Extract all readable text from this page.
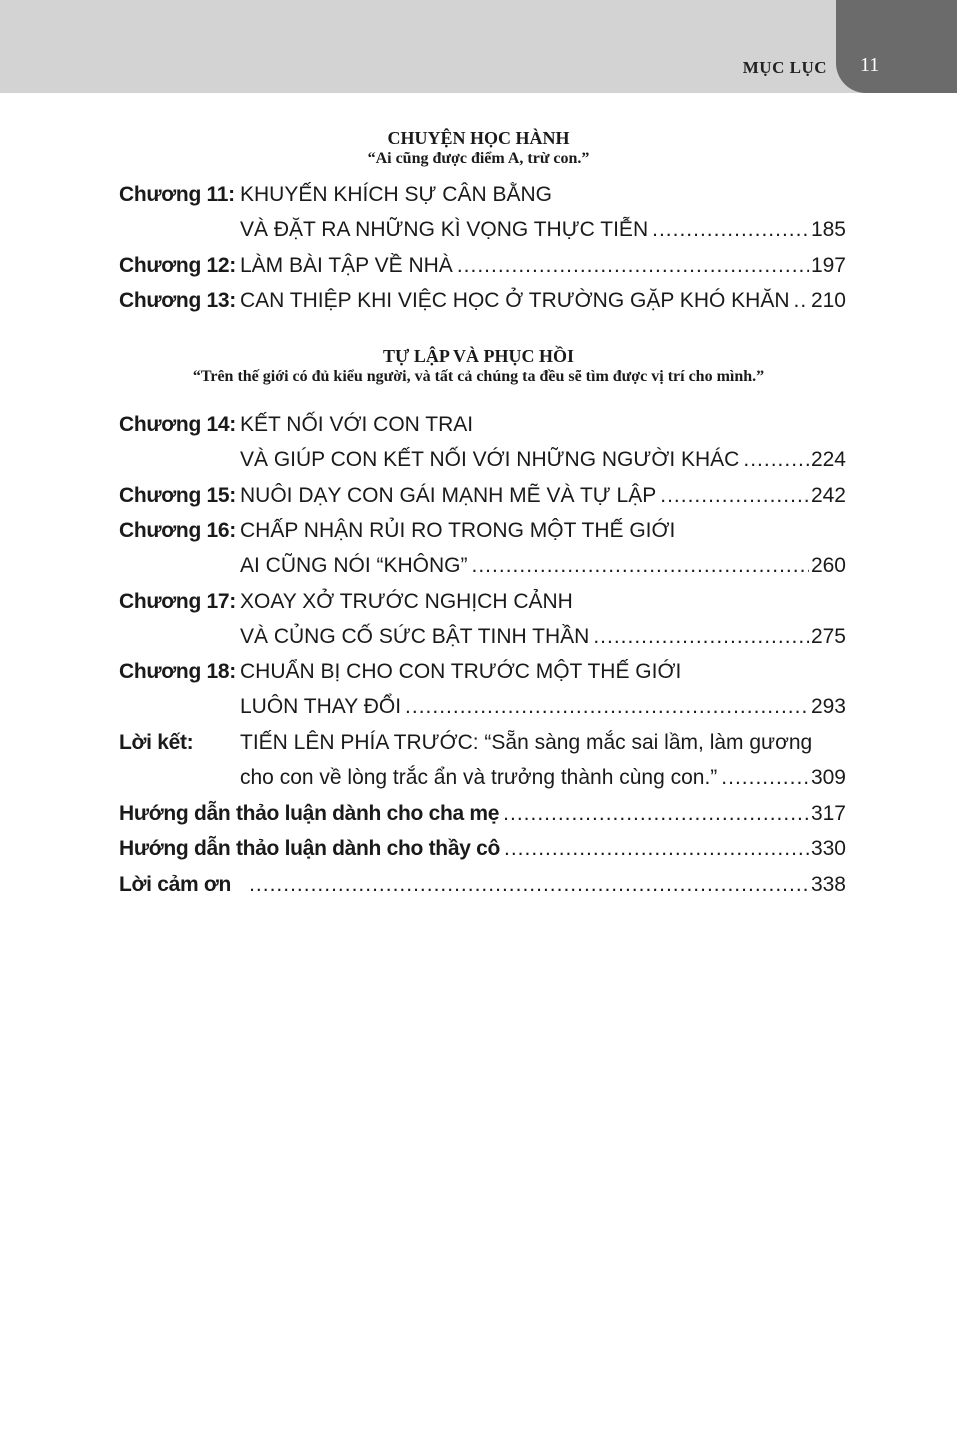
MỤC LỤC 11
CHUYỆN HỌC HÀNH
“Ai cũng được điểm A, trừ con.”
Chương 11: KHUYẾN KHÍCH SỰ CÂN BẰNG
VÀ ĐẶT RA NHỮNG KÌ VỌNG THỰC TIỄN .....	185
Chương 12: LÀM BÀI TẬP VỀ NHÀ .....	197
Chương 13: CAN THIỆP KHI VIỆC HỌC Ở TRƯỜNG GẶP KHÓ KHĂN ..... 210
TỰ LẬP VÀ PHỤC HỒI
“Trên thế giới có đủ kiểu người, và tất cả chúng ta đều sẽ tìm được vị trí cho mình.”
Chương 14: KẾT NỐI VỚI CON TRAI
VÀ GIÚP CON KẾT NỐI VỚI NHỮNG NGƯỜI KHÁC .....	224
Chương 15: NUÔI DẠY CON GÁI MẠNH MẼ VÀ TỰ LẬP .....	242
Chương 16: CHẤP NHẬN RỦI RO TRONG MỘT THẾ GIỚI
AI CŨNG NÓI “KHÔNG” .....	260
Chương 17: XOAY XỞ TRƯỚC NGHỊCH CẢNH
VÀ CỦNG CỐ SỨC BẬT TINH THẦN .....	275
Chương 18: CHUẨN BỊ CHO CON TRƯỚC MỘT THẾ GIỚI
LUÔN THAY ĐỔI .....	293
Lời kết:	TIẾN LÊN PHÍA TRƯỚC: “Sẵn sàng mắc sai lầm, làm gương
cho con về lòng trắc ẩn và trưởng thành cùng con.” .....	309
Hướng dẫn thảo luận dành cho cha mẹ .....	317
Hướng dẫn thảo luận dành cho thầy cô .....	330
Lời cảm ơn .....	338
